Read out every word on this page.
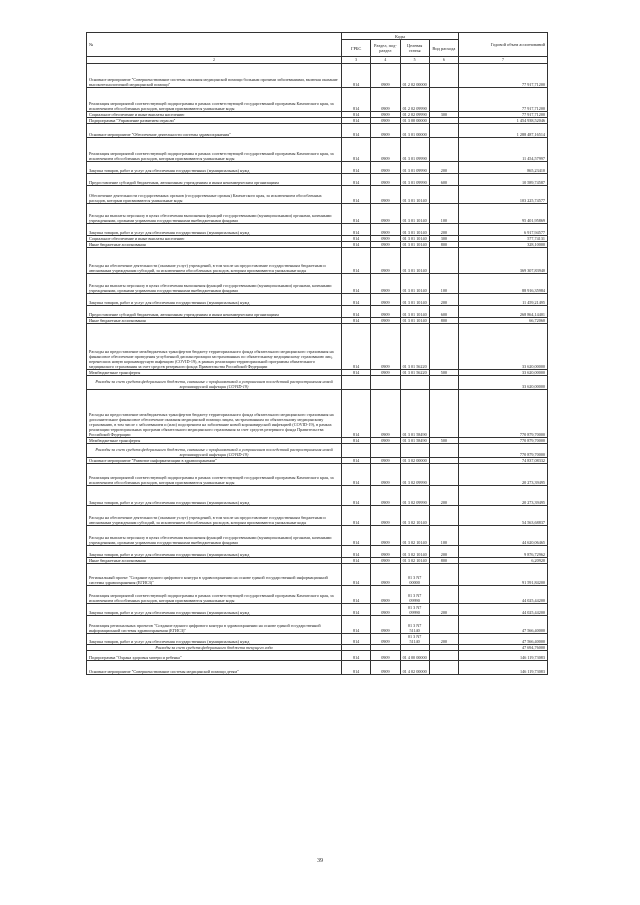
№	Коды				Годовой объем ассигнований
	ГРБС	Раздел, под-раздел	Целевая статья	Вид расхода	
2	3	4	5	6	7
Основное мероприятие "Совершенствование системы оказания медицинской помощи больным прочими заболеваниями, включая оказание высокотехнологичной медицинской помощи"	814	0909	01 2 02 00000		77 917,71200
Реализация мероприятий соответствующей подпрограммы в рамках соответствующей государственной программы Камчатского края, за исключением обособленных расходов, которым присваиваются уникальные коды	814	0909	01 2 02 09990		77 917,71200
Социальное обеспечение и иные выплаты населению	814	0909	01 2 02 09990	300	77 917,71200
Подпрограмма "Управление развитием отрасли"	814	0909	01 3 00 00000		1 454 938,52046
Основное мероприятие "Обеспечение деятельности системы здравоохранения"	814	0909	01 3 01 00000		1 288 487,16514
Реализация мероприятий соответствующей подпрограммы в рамках соответствующей государственной программы Камчатского края, за исключением обособленных расходов, которым присваиваются уникальные коды	814	0909	01 3 01 09990		11 454,57997
Закупка товаров, работ и услуг для обеспечения государственных (муниципальных) нужд	814	0909	01 3 01 09990	200	865,23410
Предоставление субсидий бюджетным, автономным учреждениям и иным некоммерческим организациям	814	0909	01 3 01 09990	600	10 589,74587
Обеспечение деятельности государственных органов (государственные органы) Камчатского края, за исключением обособленных расходов, которым присваиваются уникальные коды	814	0909	01 3 01 10140		103 225,74577
Расходы на выплаты персоналу в целях обеспечения выполнения функций государственными (муниципальными) органами, казенными учреждениями, органами управления государственными внебюджетными фондами	814	0909	01 3 01 10140	100	95 401,95869
Закупка товаров, работ и услуг для обеспечения государственных (муниципальных) нужд	814	0909	01 3 01 10140	200	6 917,94577
Социальное обеспечение и иные выплаты населению	814	0909	01 3 01 10140	300	577,74131
Иные бюджетные ассигнования	814	0909	01 3 01 10140	800	328,10000
Расходы на обеспечение деятельности (оказание услуг) учреждений, в том числе на предоставление государственным бюджетным и автономным учреждениям субсидий, за исключением обособленных расходов, которым присваиваются уникальные коды	814	0909	01 3 01 10140		369 307,83940
Расходы на выплаты персоналу в целях обеспечения выполнения функций государственными (муниципальными) органами, казенными учреждениями, органами управления государственными внебюджетными фондами	814	0909	01 3 01 10140	100	88 916,35984
Закупка товаров, работ и услуг для обеспечения государственных (муниципальных) нужд	814	0909	01 3 01 10140	200	11 459,21495
Предоставление субсидий бюджетным, автономным учреждениям и иным некоммерческим организациям	814	0909	01 3 01 10140	600	268 864,14401
Иные бюджетные ассигнования	814	0909	01 3 01 10140	800	66,72060
Расходы на предоставление межбюджетных трансфертов бюджету территориального фонда обязательного медицинского страхования на финансовое обеспечение проведения углубленной диспансеризации застрахованных по обязательному медицинскому страхованию лиц, перенесших новую коронавирусную инфекцию (COVID-19), в рамках реализации территориальной программы обязательного медицинского страхования за счет средств резервного фонда Правительства Российской Федерации	814	0909	01 3 01 56220		33 620,00000
Межбюджетные трансферты	814	0909	01 3 01 56220	500	33 620,00000
Расходы за счет средств федерального бюджета, связанные с профилактикой и устранением последствий распространения новой коронавирусной инфекции (COVID-19)					33 620,00000
Расходы на предоставление межбюджетных трансфертов бюджету территориального фонда обязательного медицинского страхования на дополнительное финансовое обеспечение оказания медицинской помощи лицам, застрахованным по обязательному медицинскому страхованию, в том числе с заболеванием и (или) подозрением на заболевание новой коронавирусной инфекцией (COVID-19), в рамках реализации территориальных программ обязательного медицинского страхования за счет средств резервного фонда Правительства Российской Федерации	814	0909	01 3 01 58490		770 879,70000
Межбюджетные трансферты	814	0909	01 3 01 58490	500	770 879,70000
Расходы за счет средств федерального бюджета, связанные с профилактикой и устранением последствий распространения новой коронавирусной инфекции (COVID-19)					770 879,70000
Основное мероприятие "Развитие информатизации в здравоохранении"	814	0909	01 3 02 00000		74 837,08332
Реализация мероприятий соответствующей подпрограммы в рамках соответствующей государственной программы Камчатского края, за исключением обособленных расходов, которым присваиваются уникальные коды	814	0909	01 3 02 09990		20 273,39495
Закупка товаров, работ и услуг для обеспечения государственных (муниципальных) нужд	814	0909	01 3 02 09990	200	20 273,39495
Расходы на обеспечение деятельности (оказание услуг) учреждений, в том числе на предоставление государственным бюджетным и автономным учреждениям субсидий, за исключением обособленных расходов, которым присваиваются уникальные коды	814	0909	01 3 02 10140		54 563,68837
Расходы на выплаты персоналу в целях обеспечения выполнения функций государственными (муниципальными) органами, казенными учреждениями, органами управления государственными внебюджетными фондами	814	0909	01 3 02 10140	100	44 620,06465
Закупка товаров, работ и услуг для обеспечения государственных (муниципальных) нужд	814	0909	01 3 02 10140	200	9 876,72962
Иные бюджетные ассигнования	814	0909	01 3 02 10140	800	6,20920
Региональный проект "Создание единого цифрового контура в здравоохранении на основе единой государственной информационной системы здравоохранения (ЕГИСЗ)"	814	0909	01 3 N7 00000		91 591,84200
Реализация мероприятий соответствующей подпрограммы в рамках соответствующей государственной программы Камчатского края, за исключением обособленных расходов, которым присваиваются уникальные коды	814	0909	01 3 N7 09990		44 025,44200
Закупка товаров, работ и услуг для обеспечения государственных (муниципальных) нужд	814	0909	01 3 N7 09990	200	44 025,44200
Реализация региональных проектов "Создание единого цифрового контура в здравоохранении на основе единой государственной информационной системы здравоохранения (ЕГИСЗ)"	814	0909	01 3 N7 51140		47 566,40000
Закупка товаров, работ и услуг для обеспечения государственных (муниципальных) нужд	814	0909	01 3 N7 51140	200	47 566,40000
Расходы за счет средств федерального бюджета текущего года					47 694,76000
Подпрограмма "Охрана здоровья матери и ребенка"	814	0909	01 4 00 00000		146 119,73083
Основное мероприятие "Совершенствование системы медицинской помощи детям"	814	0909	01 4 02 00000		146 119,73083
39
